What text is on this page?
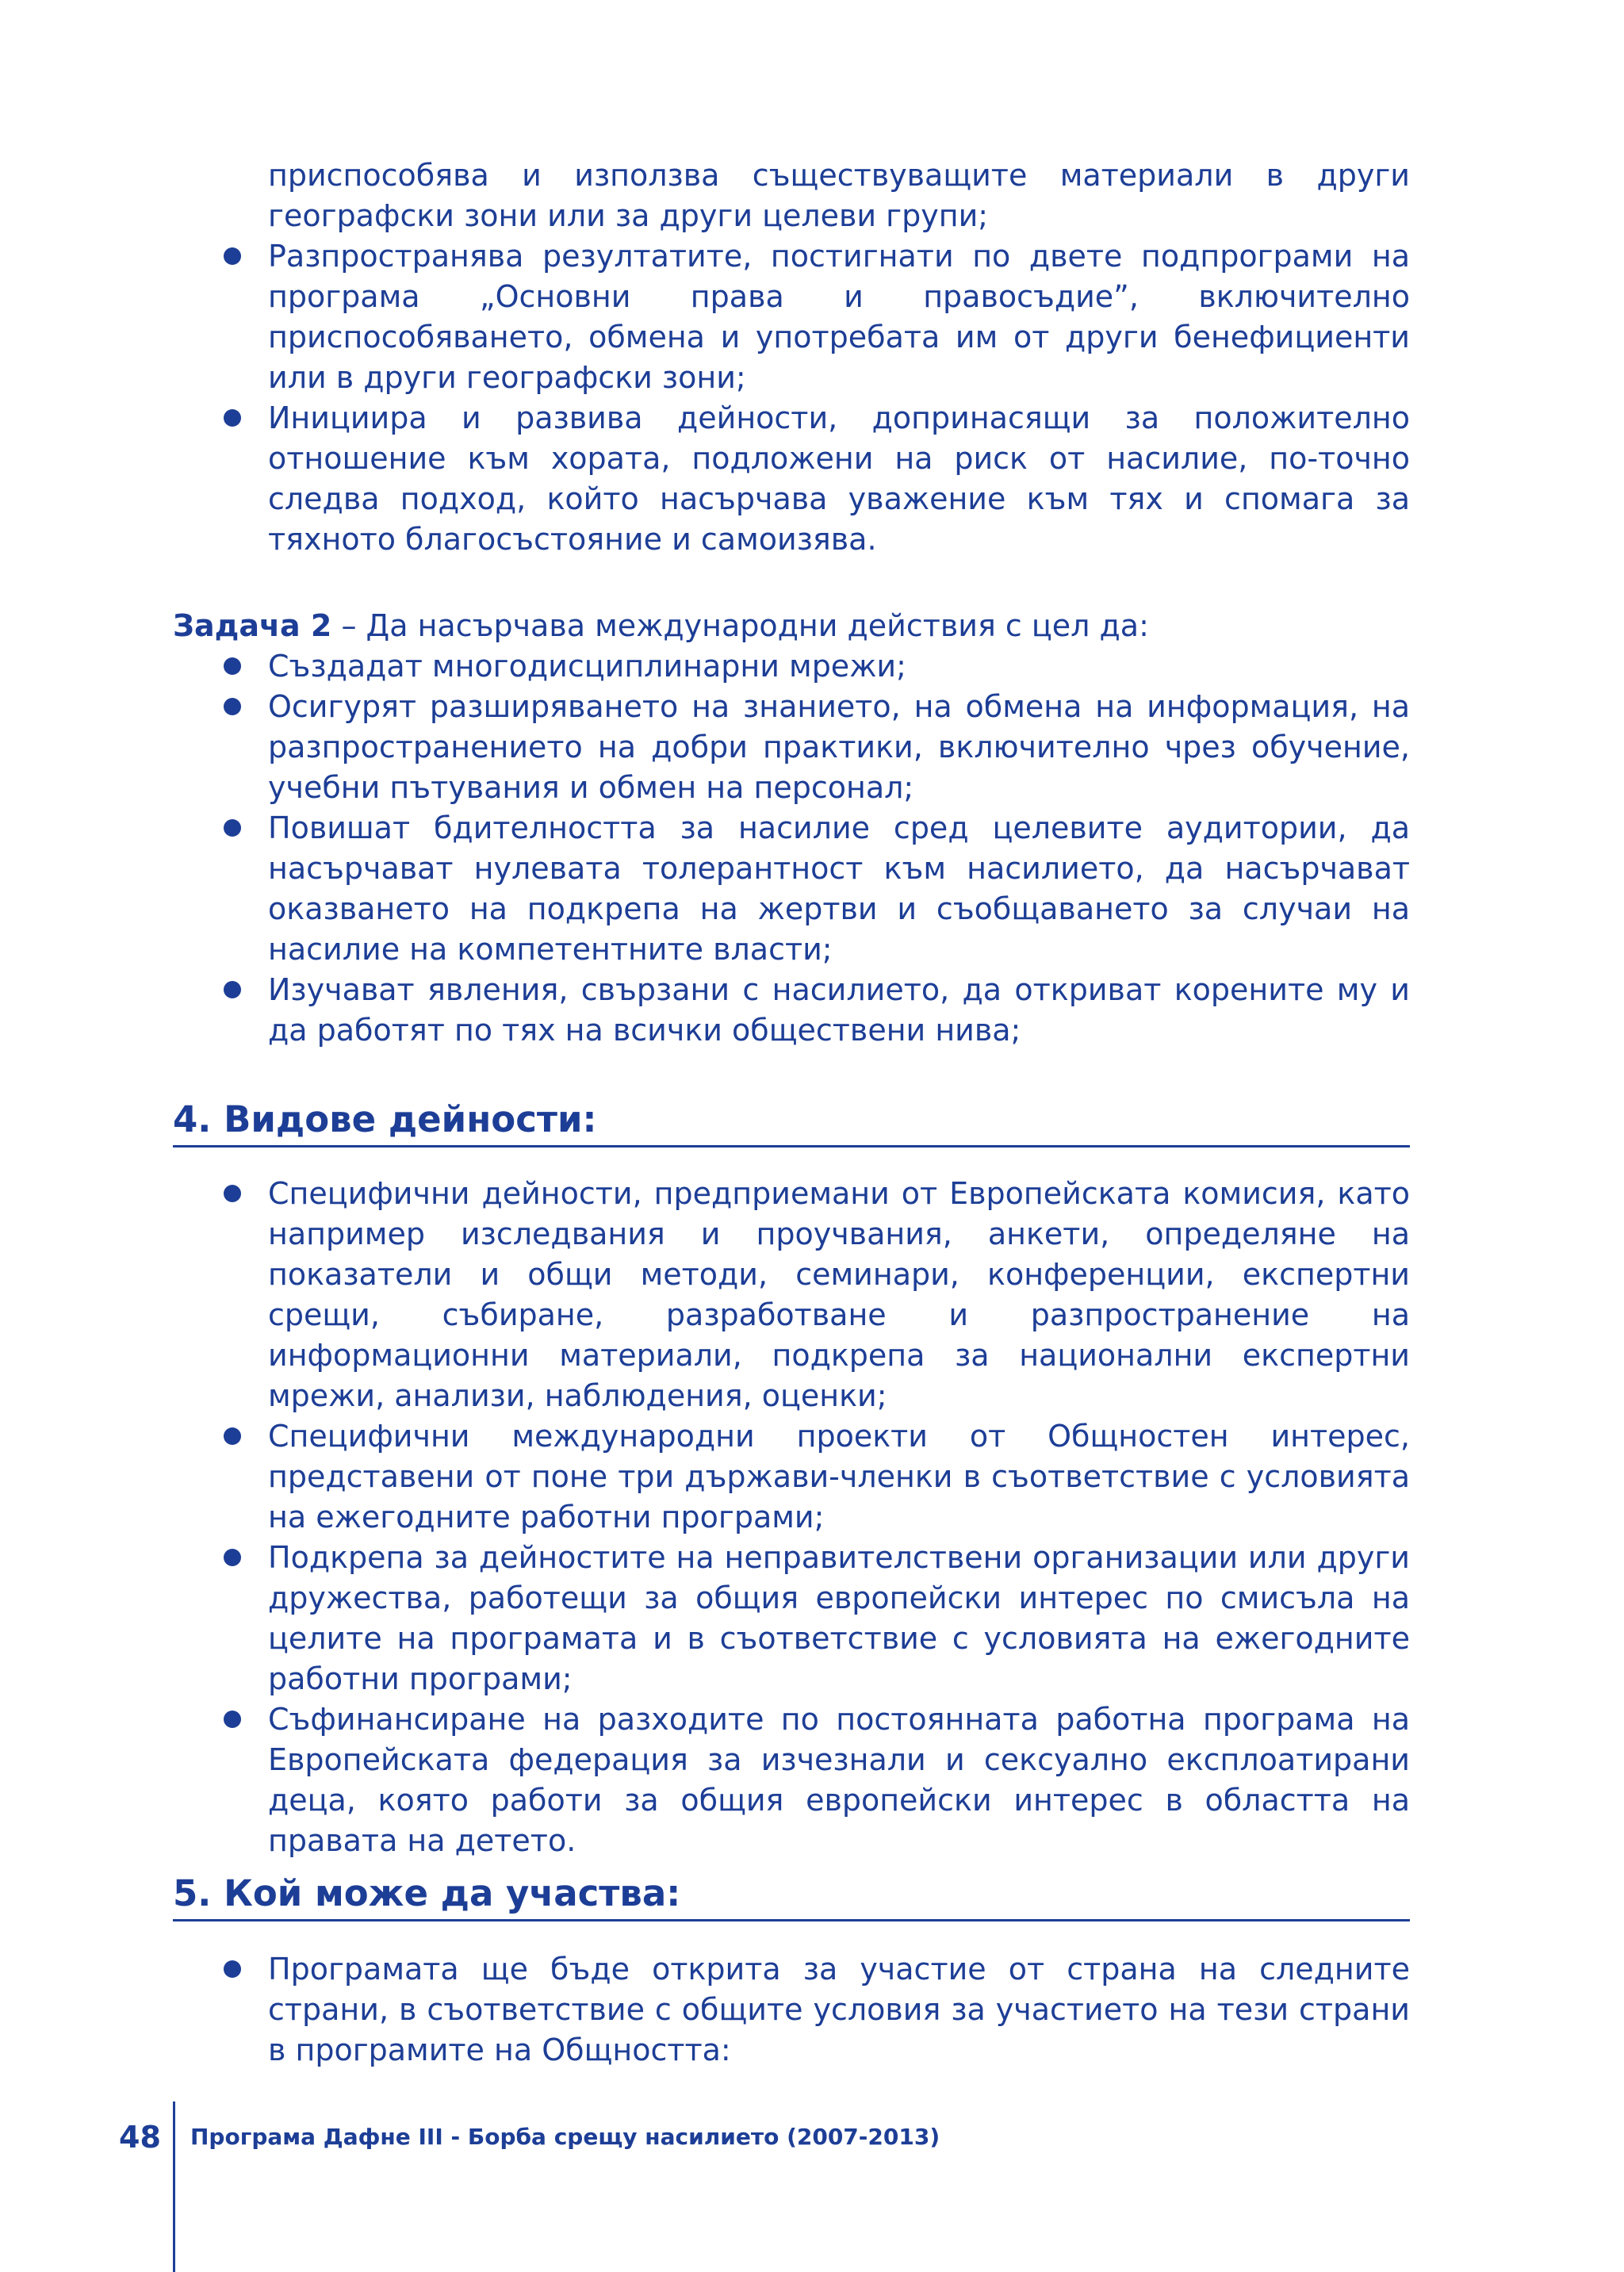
приспособява и използва съществуващите материали в други географски зони или за други целеви групи;

Разпространява резултатите, постигнати по двете подпрограми на програма „Основни права и правосъдие”, включително приспособяването, обмена и употребата им от други бенефициенти или в други географски зони;
Инициира и развива дейности, допринасящи за положително отношение към хората, подложени на риск от насилие, по-точно следва подход, който насърчава уважение към тях и спомага за тяхното благосъстояние и самоизява.

Задача 2 – Да насърчава международни действия с цел да:

Създадат многодисциплинарни мрежи;
Осигурят разширяването на знанието, на обмена на информация, на разпространението на добри практики, включително чрез обучение, учебни пътувания и обмен на персонал;
Повишат бдителността за насилие сред целевите аудитории, да насърчават нулевата толерантност към насилието, да насърчават оказването на подкрепа на жертви и съобщаването за случаи на насилие на компетентните власти;
Изучават явления, свързани с насилието, да откриват корените му и да работят по тях на всички обществени нива;
4. Видове дейности:
Специфични дейности, предприемани от Европейската комисия, като например изследвания и проучвания, анкети, определяне на показатели и общи методи, семинари, конференции, експертни срещи, събиране, разработване и разпространение на информационни материали, подкрепа за национални експертни мрежи, анализи, наблюдения, оценки;
Специфични международни проекти от Общностен интерес, представени от поне три държави-членки в съответствие с условията на ежегодните работни програми;
Подкрепа за дейностите на неправителствени организации или други дружества, работещи за общия европейски интерес по смисъла на целите на програмата и в съответствие с условията на ежегодните работни програми;
Съфинансиране на разходите по постоянната работна програма на Европейската федерация за изчезнали и сексуално експлоатирани деца, която работи за общия европейски интерес в областта на правата на детето.
5. Кой може да участва:
Програмата ще бъде открита за участие от страна на следните страни, в съответствие с общите условия за участието на тези страни в програмите на Общността:
48 Програма Дафне III - Борба срещу насилието (2007-2013)
